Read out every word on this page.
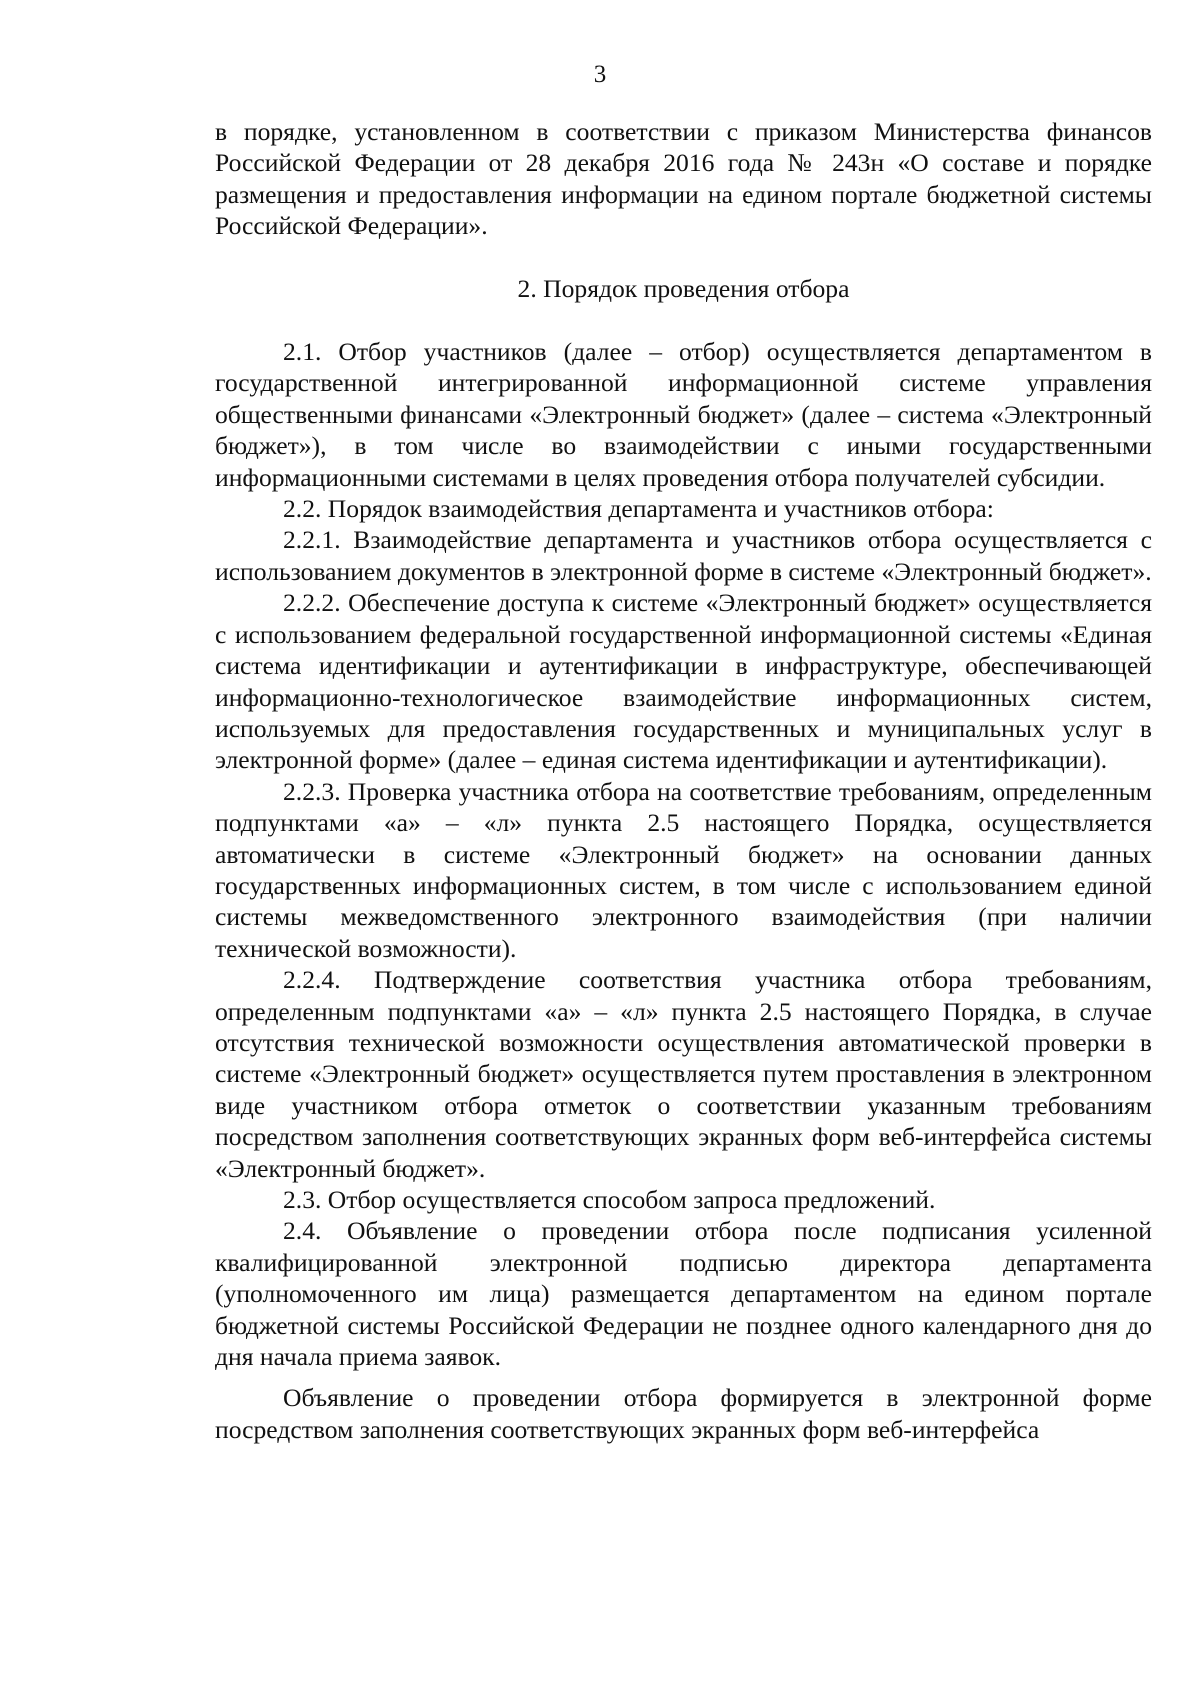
3

в порядке, установленном в соответствии с приказом Министерства финансов Российской Федерации от 28 декабря 2016 года № 243н «О составе и порядке размещения и предоставления информации на едином портале бюджетной системы Российской Федерации».

2. Порядок проведения отбора

2.1. Отбор участников (далее – отбор) осуществляется департаментом в государственной интегрированной информационной системе управления общественными финансами «Электронный бюджет» (далее – система «Электронный бюджет»), в том числе во взаимодействии с иными государственными информационными системами в целях проведения отбора получателей субсидии.

2.2. Порядок взаимодействия департамента и участников отбора:

2.2.1. Взаимодействие департамента и участников отбора осуществляется с использованием документов в электронной форме в системе «Электронный бюджет».

2.2.2. Обеспечение доступа к системе «Электронный бюджет» осуществляется с использованием федеральной государственной информационной системы «Единая система идентификации и аутентификации в инфраструктуре, обеспечивающей информационно-технологическое взаимодействие информационных систем, используемых для предоставления государственных и муниципальных услуг в электронной форме» (далее – единая система идентификации и аутентификации).

2.2.3. Проверка участника отбора на соответствие требованиям, определенным подпунктами «а» – «л» пункта 2.5 настоящего Порядка, осуществляется автоматически в системе «Электронный бюджет» на основании данных государственных информационных систем, в том числе с использованием единой системы межведомственного электронного взаимодействия (при наличии технической возможности).

2.2.4. Подтверждение соответствия участника отбора требованиям, определенным подпунктами «а» – «л» пункта 2.5 настоящего Порядка, в случае отсутствия технической возможности осуществления автоматической проверки в системе «Электронный бюджет» осуществляется путем проставления в электронном виде участником отбора отметок о соответствии указанным требованиям посредством заполнения соответствующих экранных форм веб-интерфейса системы «Электронный бюджет».

2.3. Отбор осуществляется способом запроса предложений.

2.4. Объявление о проведении отбора после подписания усиленной квалифицированной электронной подписью директора департамента (уполномоченного им лица) размещается департаментом на едином портале бюджетной системы Российской Федерации не позднее одного календарного дня до дня начала приема заявок.

Объявление о проведении отбора формируется в электронной форме посредством заполнения соответствующих экранных форм веб-интерфейса
